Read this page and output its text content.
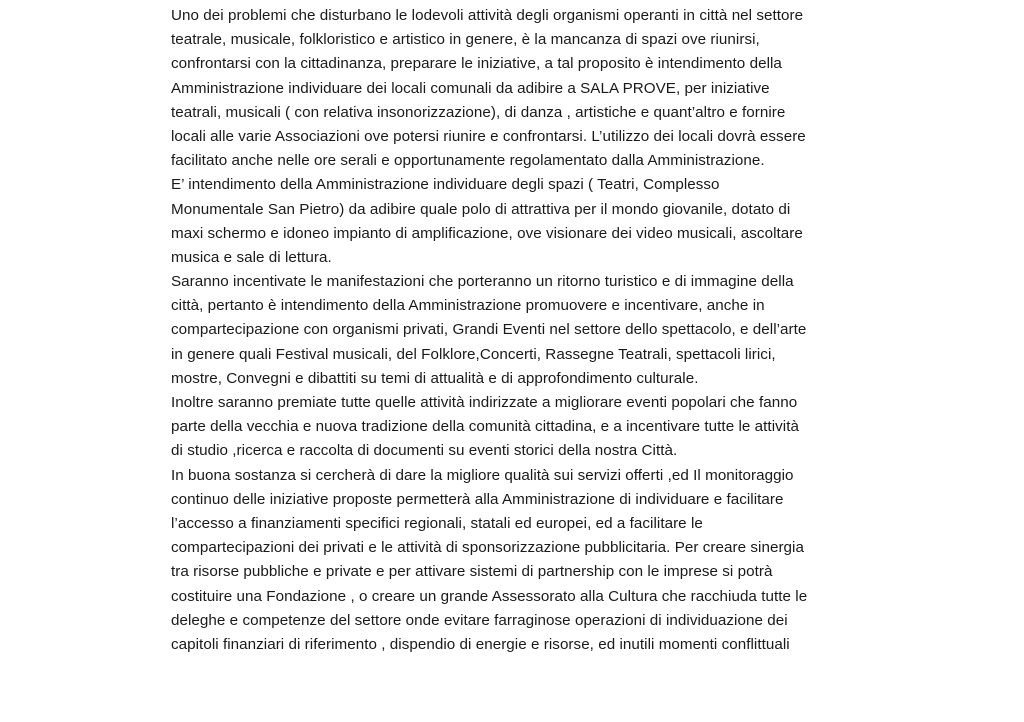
Uno dei problemi che disturbano le lodevoli attività degli organismi operanti in città nel settore
teatrale, musicale, folkloristico e artistico in genere, è la mancanza di spazi ove riunirsi,
confrontarsi con la cittadinanza, preparare le iniziative, a tal proposito è intendimento della
Amministrazione individuare dei locali comunali da adibire a SALA PROVE, per iniziative
teatrali, musicali ( con relativa insonorizzazione), di danza , artistiche e quant’altro e fornire
locali alle varie Associazioni ove potersi riunire e confrontarsi. L’utilizzo dei locali dovrà essere
facilitato anche nelle ore serali e opportunamente regolamentato dalla Amministrazione.
E’ intendimento della Amministrazione individuare degli spazi ( Teatri, Complesso
Monumentale San Pietro) da adibire quale polo di attrattiva per il mondo giovanile, dotato di
maxi schermo e idoneo impianto di amplificazione, ove visionare dei video musicali, ascoltare
musica e sale di lettura.
Saranno incentivate le manifestazioni che porteranno un ritorno turistico e di immagine della
città, pertanto è intendimento della Amministrazione promuovere e incentivare, anche in
compartecipazione con organismi privati, Grandi Eventi nel settore dello spettacolo, e dell’arte
in genere quali Festival musicali, del Folklore,Concerti, Rassegne Teatrali, spettacoli lirici,
mostre, Convegni e dibattiti su temi di attualità e di approfondimento culturale.
Inoltre saranno premiate tutte quelle attività indirizzate a migliorare eventi popolari che fanno
parte della vecchia e nuova tradizione della comunità cittadina, e a incentivare tutte le attività
di studio ,ricerca e raccolta di documenti su eventi storici della nostra Città.
In buona sostanza si cercherà di dare la migliore qualità sui servizi offerti ,ed Il monitoraggio
continuo delle iniziative proposte permetterà alla Amministrazione di individuare e facilitare
l’accesso a finanziamenti specifici regionali, statali ed europei, ed a facilitare le
compartecipazioni dei privati e le attività di sponsorizzazione pubblicitaria. Per creare sinergia
tra risorse pubbliche e private e per attivare sistemi di partnership con le imprese si potrà
costituire una Fondazione , o creare un grande Assessorato alla Cultura che racchiuda tutte le
deleghe e competenze del settore onde evitare farraginose operazioni di individuazione dei
capitoli finanziari di riferimento , dispendio di energie e risorse, ed inutili momenti conflittuali
